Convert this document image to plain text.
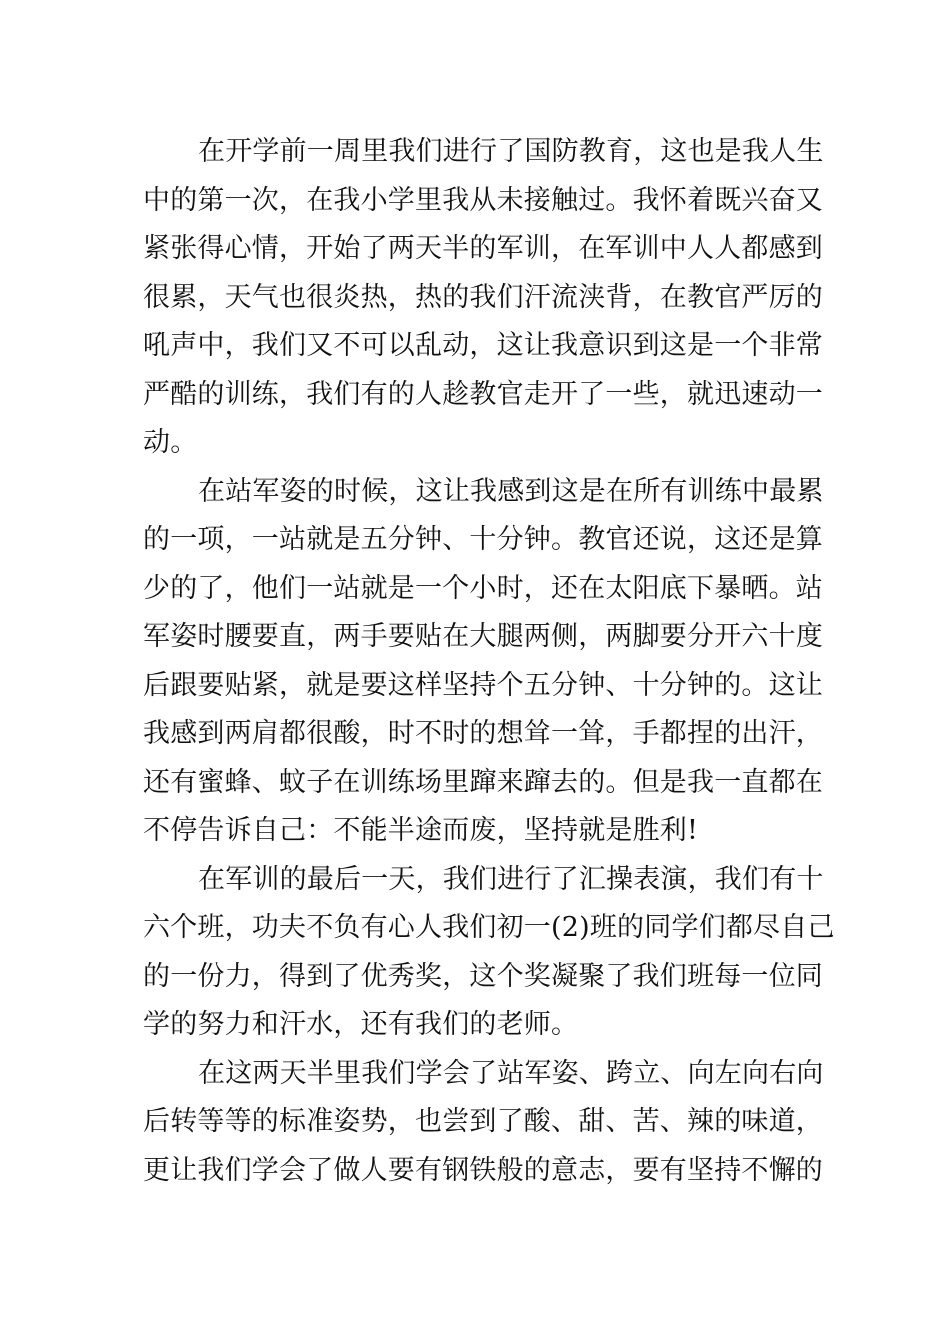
在开学前一周里我们进行了国防教育，这也是我人生
中的第一次，在我小学里我从未接触过。我怀着既兴奋又
紧张得心情，开始了两天半的军训，在军训中人人都感到
很累，天气也很炎热，热的我们汗流浃背，在教官严厉的
吼声中，我们又不可以乱动，这让我意识到这是一个非常
严酷的训练，我们有的人趁教官走开了一些，就迅速动一
动。
在站军姿的时候，这让我感到这是在所有训练中最累
的一项，一站就是五分钟、十分钟。教官还说，这还是算
少的了，他们一站就是一个小时，还在太阳底下暴晒。站
军姿时腰要直，两手要贴在大腿两侧，两脚要分开六十度
后跟要贴紧，就是要这样坚持个五分钟、十分钟的。这让
我感到两肩都很酸，时不时的想耸一耸，手都捏的出汗，
还有蜜蜂、蚊子在训练场里蹿来蹿去的。但是我一直都在
不停告诉自己：不能半途而废，坚持就是胜利!
在军训的最后一天，我们进行了汇操表演，我们有十
六个班，功夫不负有心人我们初一(2)班的同学们都尽自己
的一份力，得到了优秀奖，这个奖凝聚了我们班每一位同
学的努力和汗水，还有我们的老师。
在这两天半里我们学会了站军姿、跨立、向左向右向
后转等等的标准姿势，也尝到了酸、甜、苦、辣的味道，
更让我们学会了做人要有钢铁般的意志，要有坚持不懈的
